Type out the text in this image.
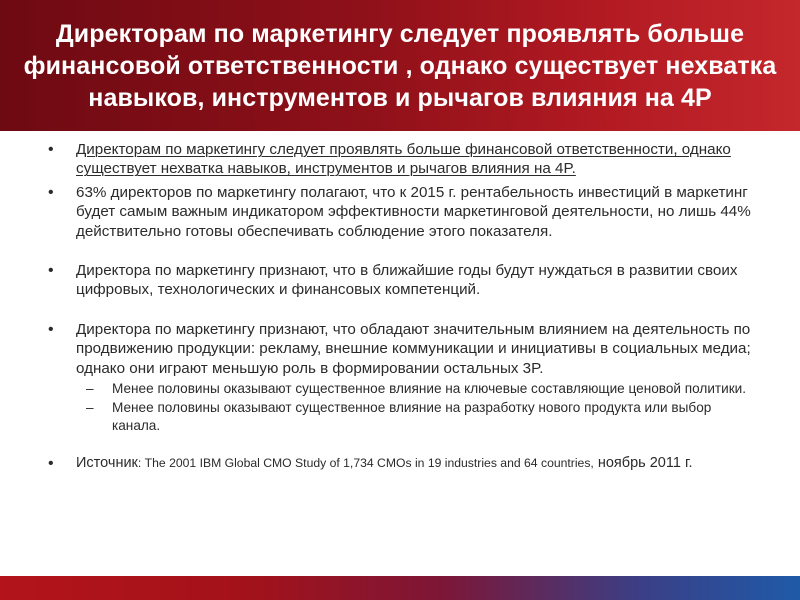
Директорам по маркетингу следует проявлять больше финансовой ответственности , однако существует нехватка навыков, инструментов и рычагов влияния на 4P
• Директорам по маркетингу следует проявлять больше финансовой ответственности, однако существует нехватка навыков, инструментов и рычагов влияния на 4P.
• 63% директоров по маркетингу полагают, что к 2015 г. рентабельность инвестиций в маркетинг будет самым важным индикатором эффективности маркетинговой деятельности, но лишь 44% действительно готовы обеспечивать соблюдение этого показателя.
• Директора по маркетингу признают, что в ближайшие годы будут нуждаться в развитии своих цифровых, технологических и финансовых компетенций.
• Директора по маркетингу признают, что обладают значительным влиянием на деятельность по продвижению продукции: рекламу, внешние коммуникации и инициативы в социальных медиа; однако они играют меньшую роль в формировании остальных 3P.
– Менее половины оказывают существенное влияние на ключевые составляющие ценовой политики.
– Менее половины оказывают существенное влияние на разработку нового продукта или выбор канала.
• Источник: The 2001 IBM Global CMO Study of 1,734 CMOs in 19 industries and 64 countries, ноябрь 2011 г.
